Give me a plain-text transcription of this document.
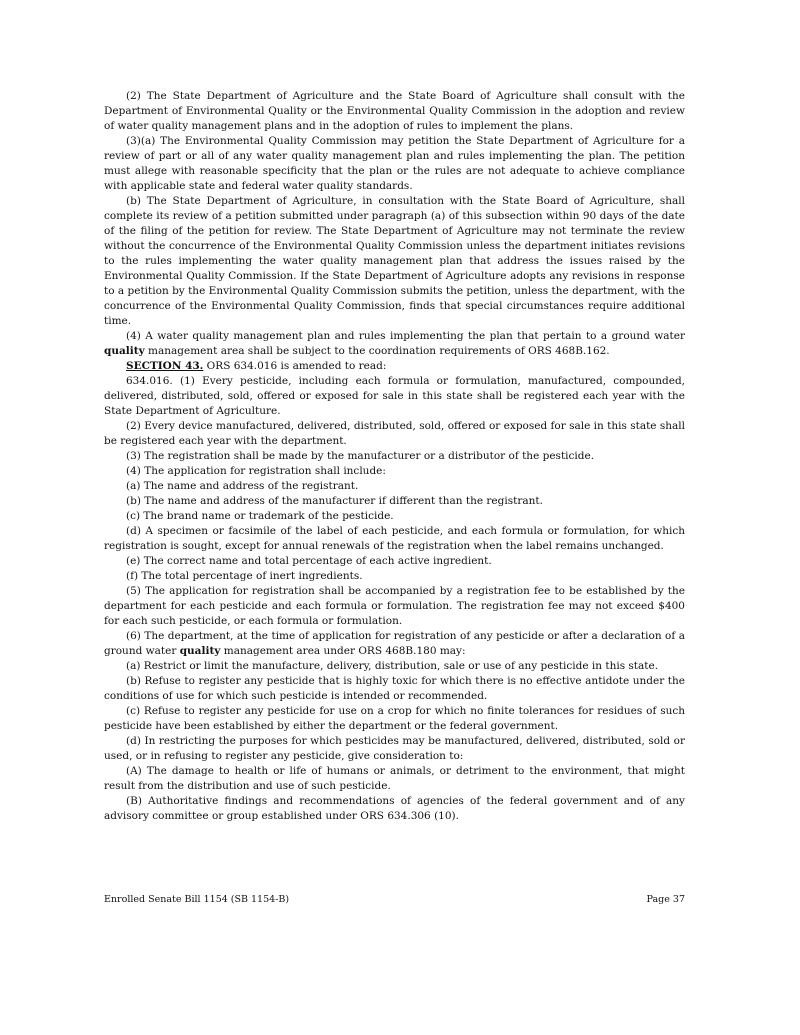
(2) The State Department of Agriculture and the State Board of Agriculture shall consult with the Department of Environmental Quality or the Environmental Quality Commission in the adoption and review of water quality management plans and in the adoption of rules to implement the plans.

(3)(a) The Environmental Quality Commission may petition the State Department of Agriculture for a review of part or all of any water quality management plan and rules implementing the plan. The petition must allege with reasonable specificity that the plan or the rules are not adequate to achieve compliance with applicable state and federal water quality standards.

(b) The State Department of Agriculture, in consultation with the State Board of Agriculture, shall complete its review of a petition submitted under paragraph (a) of this subsection within 90 days of the date of the filing of the petition for review. The State Department of Agriculture may not terminate the review without the concurrence of the Environmental Quality Commission unless the department initiates revisions to the rules implementing the water quality management plan that address the issues raised by the Environmental Quality Commission. If the State Department of Agriculture adopts any revisions in response to a petition by the Environmental Quality Commission submits the petition, unless the department, with the concurrence of the Environmental Quality Commission, finds that special circumstances require additional time.

(4) A water quality management plan and rules implementing the plan that pertain to a ground water quality management area shall be subject to the coordination requirements of ORS 468B.162.

SECTION 43. ORS 634.016 is amended to read:

634.016. (1) Every pesticide, including each formula or formulation, manufactured, compounded, delivered, distributed, sold, offered or exposed for sale in this state shall be registered each year with the State Department of Agriculture.

(2) Every device manufactured, delivered, distributed, sold, offered or exposed for sale in this state shall be registered each year with the department.

(3) The registration shall be made by the manufacturer or a distributor of the pesticide.

(4) The application for registration shall include:

(a) The name and address of the registrant.

(b) The name and address of the manufacturer if different than the registrant.

(c) The brand name or trademark of the pesticide.

(d) A specimen or facsimile of the label of each pesticide, and each formula or formulation, for which registration is sought, except for annual renewals of the registration when the label remains unchanged.

(e) The correct name and total percentage of each active ingredient.

(f) The total percentage of inert ingredients.

(5) The application for registration shall be accompanied by a registration fee to be established by the department for each pesticide and each formula or formulation. The registration fee may not exceed $400 for each such pesticide, or each formula or formulation.

(6) The department, at the time of application for registration of any pesticide or after a declaration of a ground water quality management area under ORS 468B.180 may:

(a) Restrict or limit the manufacture, delivery, distribution, sale or use of any pesticide in this state.

(b) Refuse to register any pesticide that is highly toxic for which there is no effective antidote under the conditions of use for which such pesticide is intended or recommended.

(c) Refuse to register any pesticide for use on a crop for which no finite tolerances for residues of such pesticide have been established by either the department or the federal government.

(d) In restricting the purposes for which pesticides may be manufactured, delivered, distributed, sold or used, or in refusing to register any pesticide, give consideration to:

(A) The damage to health or life of humans or animals, or detriment to the environment, that might result from the distribution and use of such pesticide.

(B) Authoritative findings and recommendations of agencies of the federal government and of any advisory committee or group established under ORS 634.306 (10).

Enrolled Senate Bill 1154 (SB 1154-B)	Page 37
